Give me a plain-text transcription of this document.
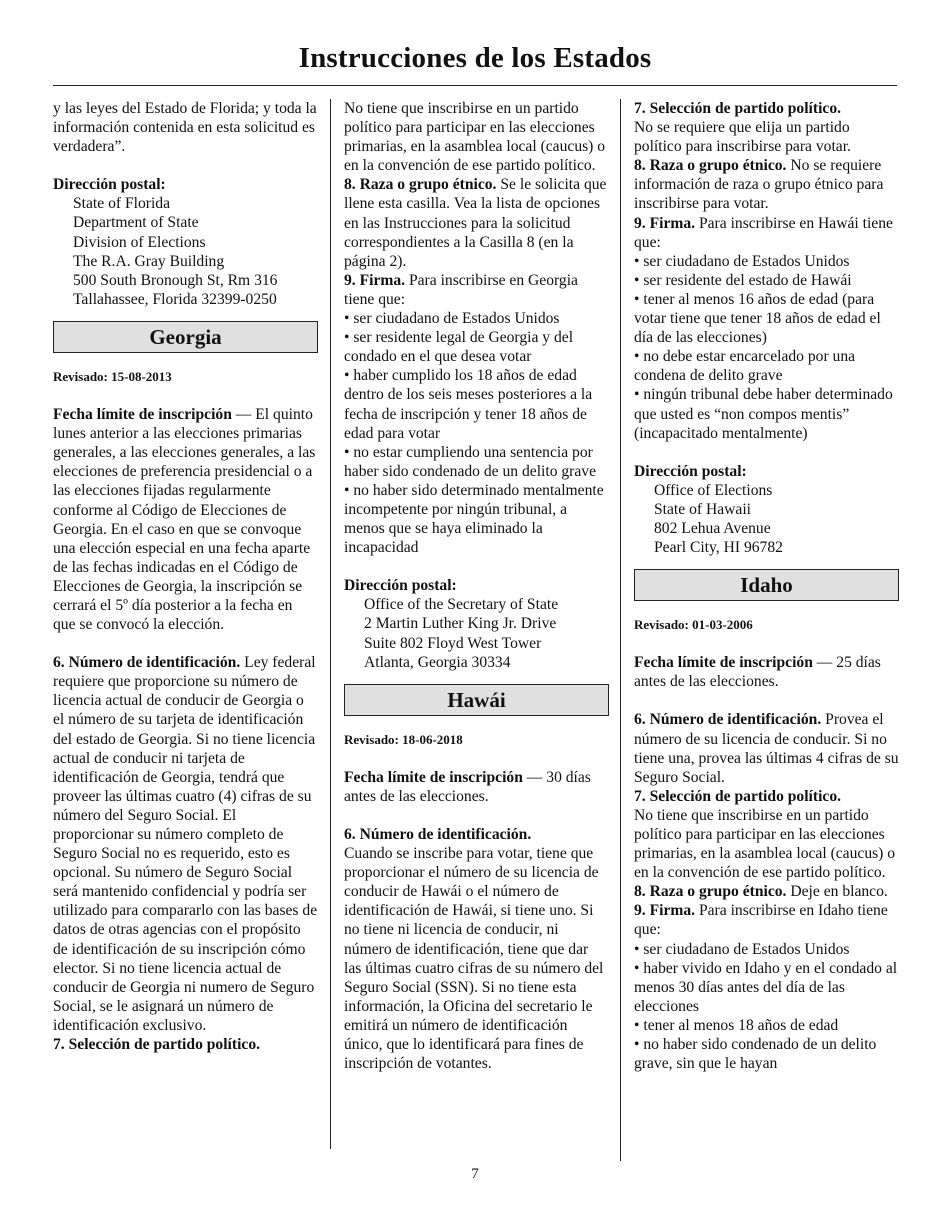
Instrucciones de los Estados

y las leyes del Estado de Florida; y toda la información contenida en esta solicitud es verdadera”.

Dirección postal:

State of Florida
Department of State
Division of Elections
The R.A. Gray Building
500 South Bronough St, Rm 316
Tallahassee, Florida 32399-0250
Georgia

Revisado: 15-08-2013

Fecha límite de inscripción — El quinto lunes anterior a las elecciones primarias generales, a las elecciones generales, a las elecciones de preferencia presidencial o a las elecciones fijadas regularmente conforme al Código de Elecciones de Georgia. En el caso en que se convoque una elección especial en una fecha aparte de las fechas indicadas en el Código de Elecciones de Georgia, la inscripción se cerrará el 5º día posterior a la fecha en que se convocó la elección.

6. Número de identificación. Ley federal requiere que proporcione su número de licencia actual de conducir de Georgia o el número de su tarjeta de identificación del estado de Georgia. Si no tiene licencia actual de conducir ni tarjeta de identificación de Georgia, tendrá que proveer las últimas cuatro (4) cifras de su número del Seguro Social. El proporcionar su número completo de Seguro Social no es requerido, esto es opcional. Su número de Seguro Social será mantenido confidencial y podría ser utilizado para compararlo con las bases de datos de otras agencias con el propósito de identificación de su inscripción cómo elector. Si no tiene licencia actual de conducir de Georgia ni numero de Seguro Social, se le asignará un número de identificación exclusivo.

7. Selección de partido político.

No tiene que inscribirse en un partido político para participar en las elecciones primarias, en la asamblea local (caucus) o en la convención de ese partido político.

8. Raza o grupo étnico. Se le solicita que llene esta casilla. Vea la lista de opciones en las Instrucciones para la solicitud correspondientes a la Casilla 8 (en la página 2).

9. Firma. Para inscribirse en Georgia tiene que:

• ser ciudadano de Estados Unidos
• ser residente legal de Georgia y del condado en el que desea votar
• haber cumplido los 18 años de edad dentro de los seis meses posteriores a la fecha de inscripción y tener 18 años de edad para votar
• no estar cumpliendo una sentencia por haber sido condenado de un delito grave
• no haber sido determinado mentalmente incompetente por ningún tribunal, a menos que se haya eliminado la incapacidad

Dirección postal:

Office of the Secretary of State
2 Martin Luther King Jr. Drive
Suite 802 Floyd West Tower
Atlanta, Georgia 30334
Hawái

Revisado: 18-06-2018

Fecha límite de inscripción — 30 días antes de las elecciones.

6. Número de identificación.

Cuando se inscribe para votar, tiene que proporcionar el número de su licencia de conducir de Hawái o el número de identificación de Hawái, si tiene uno. Si no tiene ni licencia de conducir, ni número de identificación, tiene que dar las últimas cuatro cifras de su número del Seguro Social (SSN). Si no tiene esta información, la Oficina del secretario le emitirá un número de identificación único, que lo identificará para fines de inscripción de votantes.

7. Selección de partido político.

No se requiere que elija un partido político para inscribirse para votar.

8. Raza o grupo étnico. No se requiere información de raza o grupo étnico para inscribirse para votar.

9. Firma. Para inscribirse en Hawái tiene que:

• ser ciudadano de Estados Unidos
• ser residente del estado de Hawái
• tener al menos 16 años de edad (para votar tiene que tener 18 años de edad el día de las elecciones)
• no debe estar encarcelado por una condena de delito grave
• ningún tribunal debe haber determinado que usted es “non compos mentis” (incapacitado mentalmente)

Dirección postal:

Office of Elections
State of Hawaii
802 Lehua Avenue
Pearl City, HI 96782
Idaho

Revisado: 01-03-2006

Fecha límite de inscripción — 25 días antes de las elecciones.

6. Número de identificación. Provea el número de su licencia de conducir. Si no tiene una, provea las últimas 4 cifras de su Seguro Social.

7. Selección de partido político.

No tiene que inscribirse en un partido político para participar en las elecciones primarias, en la asamblea local (caucus) o en la convención de ese partido político.

8. Raza o grupo étnico. Deje en blanco.

9. Firma. Para inscribirse en Idaho tiene que:

• ser ciudadano de Estados Unidos
• haber vivido en Idaho y en el condado al menos 30 días antes del día de las elecciones
• tener al menos 18 años de edad
• no haber sido condenado de un delito grave, sin que le hayan
7
